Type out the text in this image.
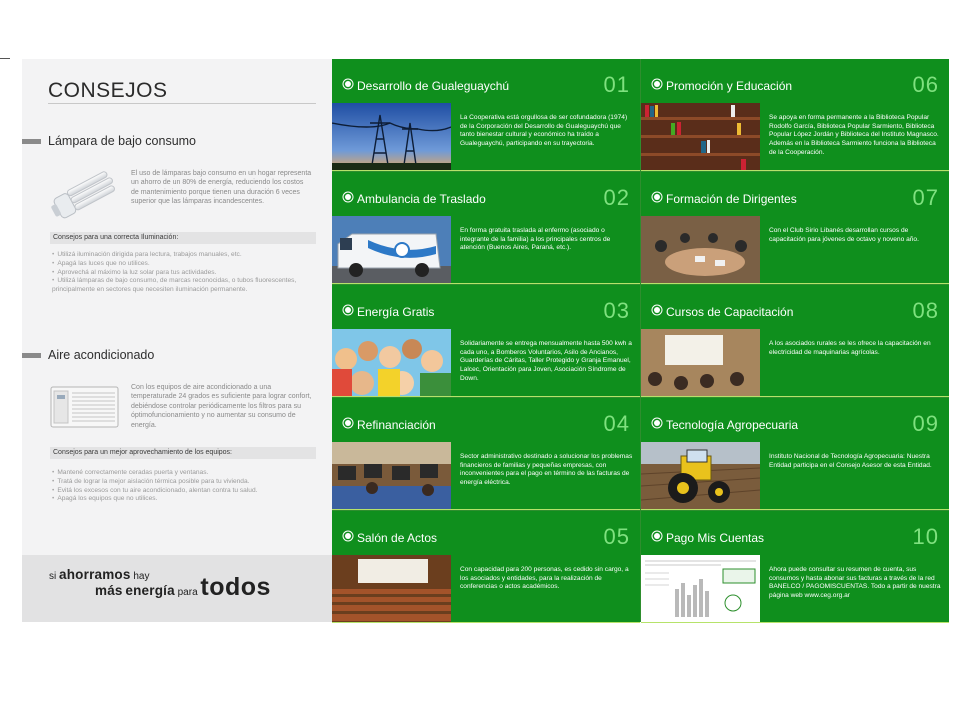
CONSEJOS
Lámpara de bajo consumo
El uso de lámparas bajo consumo en un hogar representa un ahorro de un 80% de energía, reduciendo los costos de mantenimiento porque tienen una duración 6 veces superior que las lámparas incandescentes.
Consejos para una correcta Iluminación:
• Utilizá iluminación dirigida para lectura, trabajos manuales, etc.
• Apagá las luces que no utilices.
• Aprovechá al máximo la luz solar para tus actividades.
• Utilizá lámparas de bajo consumo, de marcas reconocidas, o tubos fluorescentes, principalmente en sectores que necesiten iluminación permanente.
Aire acondicionado
Con los equipos de aire acondicionado a una temperaturade 24 grados es suficiente para lograr confort, debiéndose controlar periódicamente los filtros para su óptimofuncionamiento y no aumentar su consumo de energía.
Consejos para un mejor aprovechamiento de los equipos:
• Mantené correctamente ceradas puerta y ventanas.
• Tratá de lograr la mejor aislación térmica posible para tu vivienda.
• Evitá los excesos con tu aire acondicionado, alentan contra tu salud.
• Apagá los equipos que no utilices.
si ahorramos hay
más energía para todos
Desarrollo de Gualeguaychú	01
La Cooperativa está orgullosa de ser cofundadora (1974) de la Corporación del Desarrollo de Gualeguaychú que tanto bienestar cultural y económico ha traído a Gualeguaychú, participando en su trayectoria.
Ambulancia de Traslado	02
En forma gratuita traslada al enfermo (asociado o integrante de la familia) a los principales centros de atención (Buenos Aires, Paraná, etc.).
Energía Gratis	03
Solidariamente se entrega mensualmente hasta 500 kwh a cada uno, a Bomberos Voluntarios, Asilo de Ancianos, Guarderías de Cáritas, Taller Protegido y Granja Emanuel, Lalcec, Orientación para Joven, Asociación Síndrome de Down.
Refinanciación	04
Sector administrativo destinado a solucionar los problemas financieros de familias y pequeñas empresas, con inconvenientes para el pago en término de las facturas de energía eléctrica.
Salón de Actos	05
Con capacidad para 200 personas, es cedido sin cargo, a los asociados y entidades, para la realización de conferencias o actos académicos.
Promoción y Educación	06
Se apoya en forma permanente a la Biblioteca Popular Rodolfo García, Biblioteca Popular Sarmiento, Biblioteca Popular López Jordán y Biblioteca del Instituto Magnasco. Además en la Biblioteca Sarmiento funciona la Biblioteca de la Cooperación.
Formación de Dirigentes	07
Con el Club Sirio Libanés desarrollan cursos de capacitación para jóvenes de octavo y noveno año.
Cursos de Capacitación	08
A los asociados rurales se les ofrece la capacitación en electricidad de maquinarias agrícolas.
Tecnología Agropecuaria	09
Instituto Nacional de Tecnología Agropecuaria: Nuestra Entidad participa en el Consejo Asesor de esta Entidad.
Pago Mis Cuentas	10
Ahora puede consultar su resumen de cuenta, sus consumos y hasta abonar sus facturas a través de la red BANELCO / PAGOMISCUENTAS. Todo a partir de nuestra página web www.ceg.org.ar
